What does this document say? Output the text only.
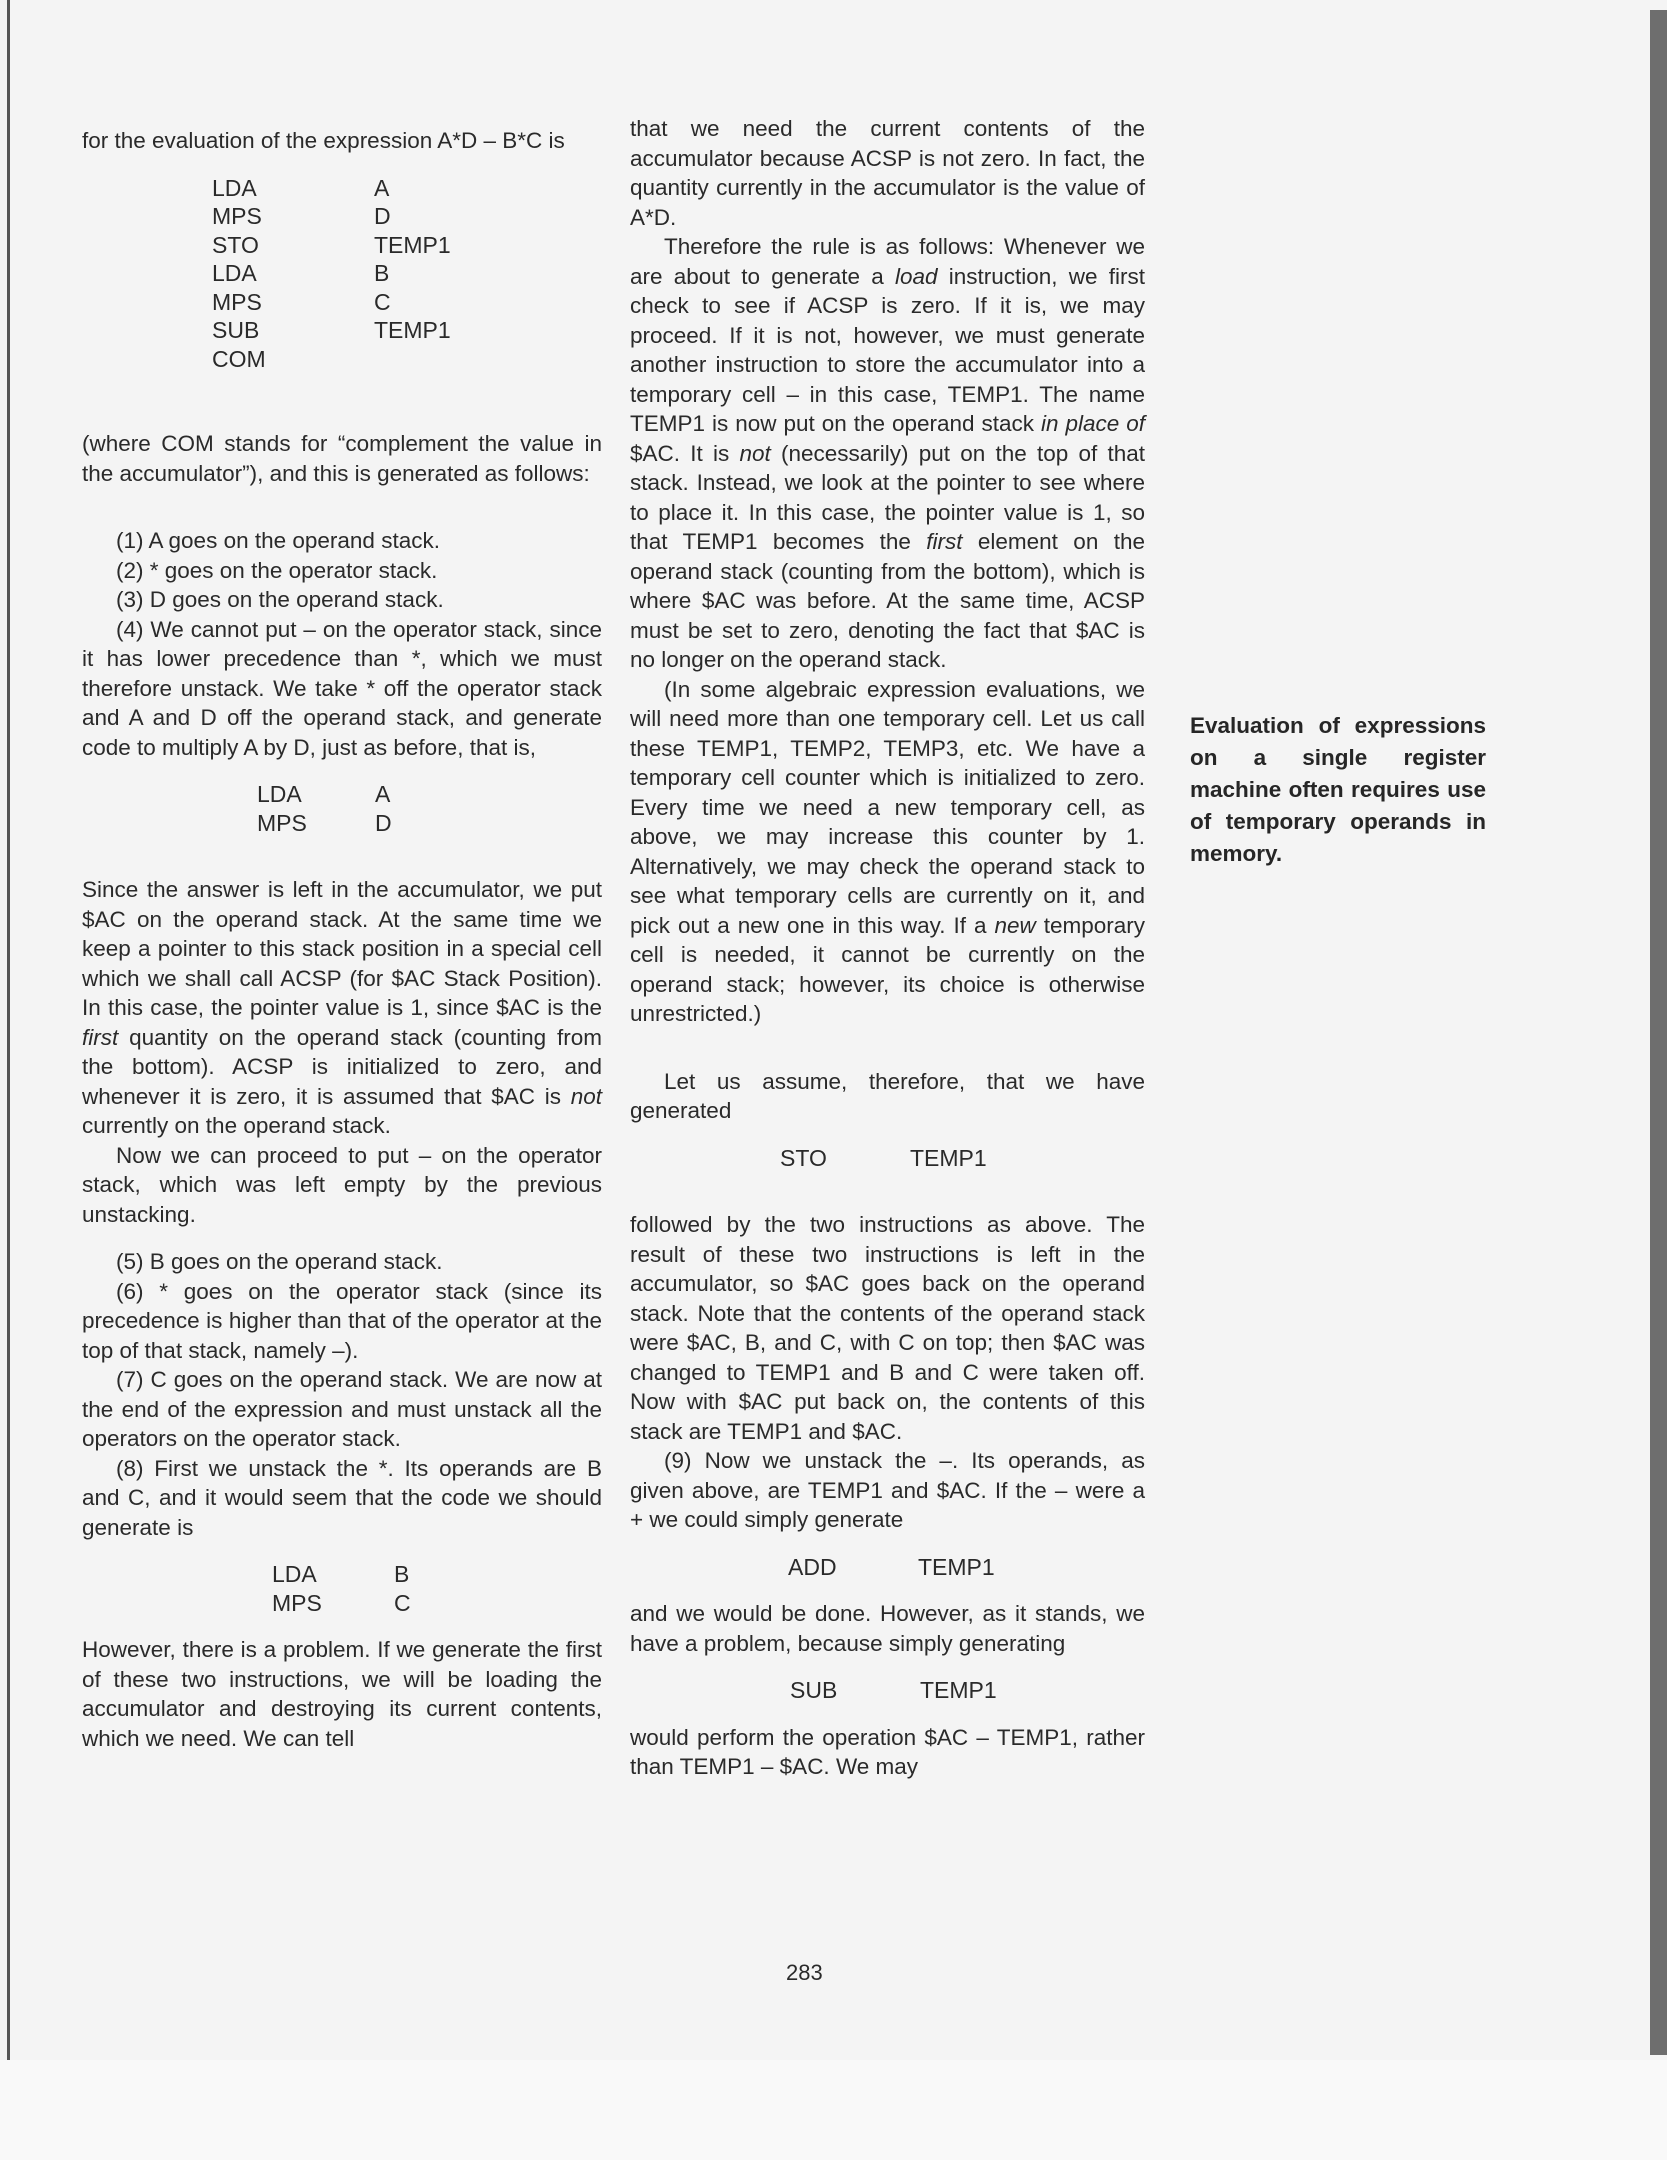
for the evaluation of the expression A*D – B*C is

LDA	A
MPS	D
STO	TEMP1
LDA	B
MPS	C
SUB	TEMP1
COM

(where COM stands for “complement the value in the accumulator”), and this is generated as follows:

(1) A goes on the operand stack.

(2) * goes on the operator stack.

(3) D goes on the operand stack.

(4) We cannot put – on the operator stack, since it has lower precedence than *, which we must therefore unstack. We take * off the operator stack and A and D off the operand stack, and generate code to multiply A by D, just as before, that is,

LDA	A
MPS	D

Since the answer is left in the accumulator, we put $AC on the operand stack. At the same time we keep a pointer to this stack position in a special cell which we shall call ACSP (for $AC Stack Position). In this case, the pointer value is 1, since $AC is the first quantity on the operand stack (counting from the bottom). ACSP is initialized to zero, and whenever it is zero, it is assumed that $AC is not currently on the operand stack.

Now we can proceed to put – on the operator stack, which was left empty by the previous unstacking.

(5) B goes on the operand stack.

(6) * goes on the operator stack (since its precedence is higher than that of the operator at the top of that stack, namely –).

(7) C goes on the operand stack. We are now at the end of the expression and must unstack all the operators on the operator stack.

(8) First we unstack the *. Its operands are B and C, and it would seem that the code we should generate is

LDA	B
MPS	C

However, there is a problem. If we generate the first of these two instructions, we will be loading the accumulator and destroying its current contents, which we need. We can tell

that we need the current contents of the accumulator because ACSP is not zero. In fact, the quantity currently in the accumulator is the value of A*D.

Therefore the rule is as follows: Whenever we are about to generate a load instruction, we first check to see if ACSP is zero. If it is, we may proceed. If it is not, however, we must generate another instruction to store the accumulator into a temporary cell – in this case, TEMP1. The name TEMP1 is now put on the operand stack in place of $AC. It is not (necessarily) put on the top of that stack. Instead, we look at the pointer to see where to place it. In this case, the pointer value is 1, so that TEMP1 becomes the first element on the operand stack (counting from the bottom), which is where $AC was before. At the same time, ACSP must be set to zero, denoting the fact that $AC is no longer on the operand stack.

(In some algebraic expression evaluations, we will need more than one temporary cell. Let us call these TEMP1, TEMP2, TEMP3, etc. We have a temporary cell counter which is initialized to zero. Every time we need a new temporary cell, as above, we may increase this counter by 1. Alternatively, we may check the operand stack to see what temporary cells are currently on it, and pick out a new one in this way. If a new temporary cell is needed, it cannot be currently on the operand stack; however, its choice is otherwise unrestricted.)

Let us assume, therefore, that we have generated

STO	TEMP1

followed by the two instructions as above. The result of these two instructions is left in the accumulator, so $AC goes back on the operand stack. Note that the contents of the operand stack were $AC, B, and C, with C on top; then $AC was changed to TEMP1 and B and C were taken off. Now with $AC put back on, the contents of this stack are TEMP1 and $AC.

(9) Now we unstack the –. Its operands, as given above, are TEMP1 and $AC. If the – were a + we could simply generate

ADD	TEMP1

and we would be done. However, as it stands, we have a problem, because simply generating

SUB	TEMP1

would perform the operation $AC – TEMP1, rather than TEMP1 – $AC. We may

Evaluation of expressions on a single register machine often requires use of temporary operands in memory.
283
